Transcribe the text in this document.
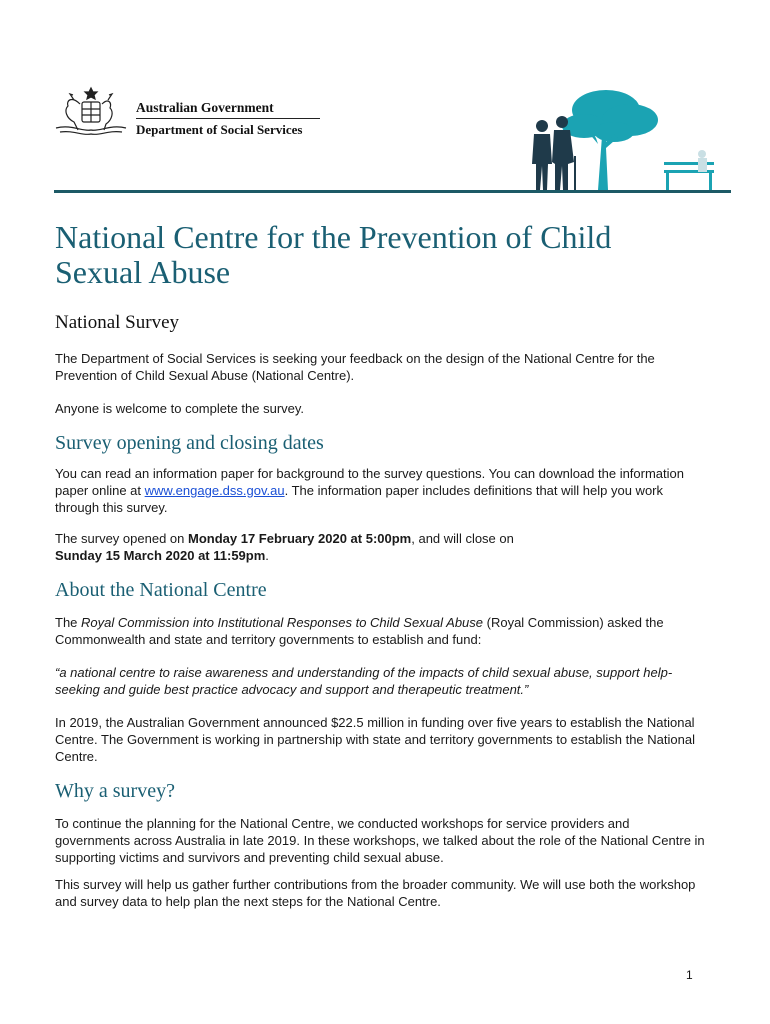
Australian Government
Department of Social Services
National Centre for the Prevention of Child Sexual Abuse
National Survey

The Department of Social Services is seeking your feedback on the design of the National Centre for the Prevention of Child Sexual Abuse (National Centre).

Anyone is welcome to complete the survey.

Survey opening and closing dates

You can read an information paper for background to the survey questions. You can download the information paper online at www.engage.dss.gov.au. The information paper includes definitions that will help you work through this survey.

The survey opened on Monday 17 February 2020 at 5:00pm, and will close on
Sunday 15 March 2020 at 11:59pm.

About the National Centre

The Royal Commission into Institutional Responses to Child Sexual Abuse (Royal Commission) asked the Commonwealth and state and territory governments to establish and fund:

“a national centre to raise awareness and understanding of the impacts of child sexual abuse, support help-seeking and guide best practice advocacy and support and therapeutic treatment.”

In 2019, the Australian Government announced $22.5 million in funding over five years to establish the National Centre. The Government is working in partnership with state and territory governments to establish the National Centre.

Why a survey?

To continue the planning for the National Centre, we conducted workshops for service providers and governments across Australia in late 2019. In these workshops, we talked about the role of the National Centre in supporting victims and survivors and preventing child sexual abuse.

This survey will help us gather further contributions from the broader community. We will use both the workshop and survey data to help plan the next steps for the National Centre.

1
